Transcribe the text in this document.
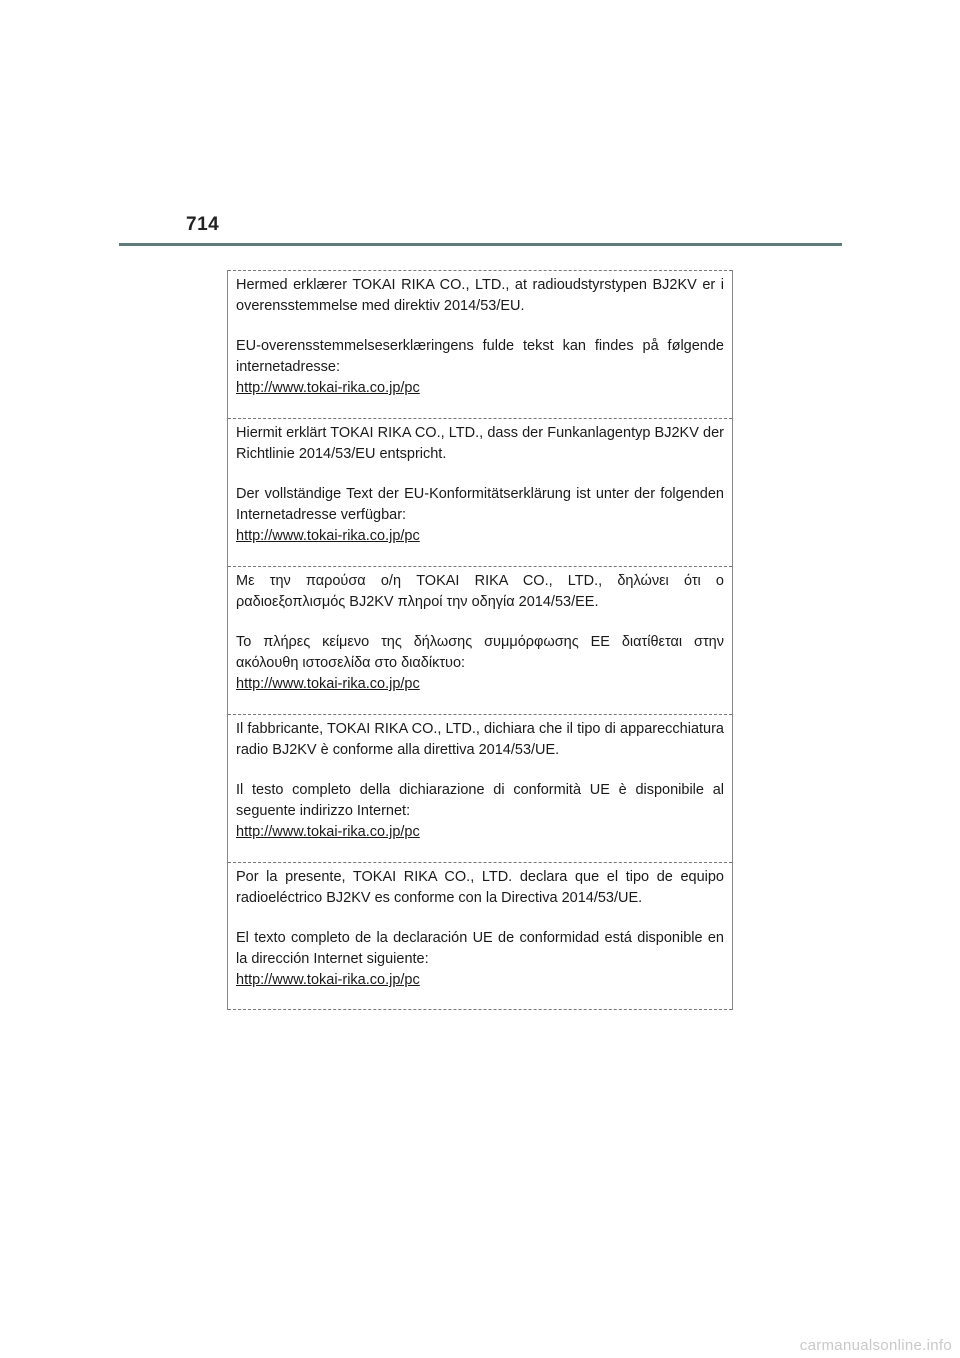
714

Hermed erklærer TOKAI RIKA CO., LTD., at radioudstyrstypen BJ2KV er i overensstemmelse med direktiv 2014/53/EU.

EU-overensstemmelseserklæringens fulde tekst kan findes på følgende internetadresse:
http://www.tokai-rika.co.jp/pc

Hiermit erklärt TOKAI RIKA CO., LTD., dass der Funkanlagentyp BJ2KV der Richtlinie 2014/53/EU entspricht.

Der vollständige Text der EU-Konformitätserklärung ist unter der folgenden Internetadresse verfügbar:
http://www.tokai-rika.co.jp/pc

Με την παρούσα ο/η TOKAI RIKA CO., LTD., δηλώνει ότι ο ραδιοεξοπλισμός BJ2KV πληροί την οδηγία 2014/53/ΕΕ.

Το πλήρες κείμενο της δήλωσης συμμόρφωσης ΕΕ διατίθεται στην ακόλουθη ιστοσελίδα στο διαδίκτυο:
http://www.tokai-rika.co.jp/pc

Il fabbricante, TOKAI RIKA CO., LTD., dichiara che il tipo di apparecchiatura radio BJ2KV è conforme alla direttiva 2014/53/UE.

Il testo completo della dichiarazione di conformità UE è disponibile al seguente indirizzo Internet:
http://www.tokai-rika.co.jp/pc

Por la presente, TOKAI RIKA CO., LTD. declara que el tipo de equipo radioeléctrico BJ2KV es conforme con la Directiva 2014/53/UE.

El texto completo de la declaración UE de conformidad está disponible en la dirección Internet siguiente:
http://www.tokai-rika.co.jp/pc

carmanualsonline.info
